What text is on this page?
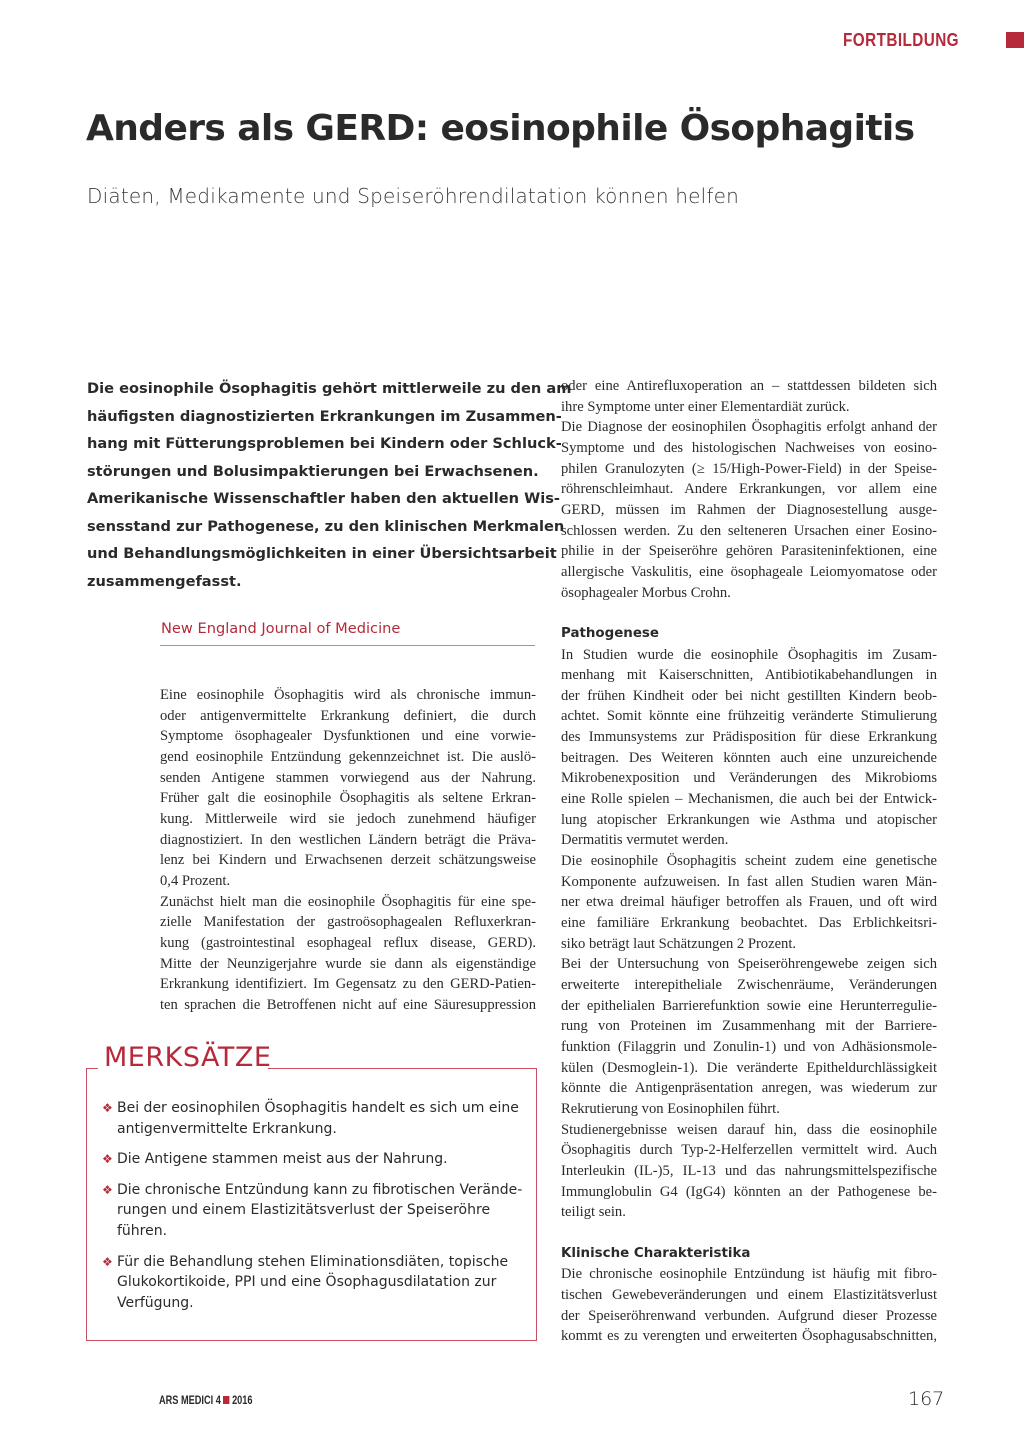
FORTBILDUNG
Anders als GERD: eosinophile Ösophagitis
Diäten, Medikamente und Speiseröhrendilatation können helfen
Die eosinophile Ösophagitis gehört mittlerweile zu den am
häufigsten diagnostizierten Erkrankungen im Zusammen-
hang mit Fütterungsproblemen bei Kindern oder Schluck-
störungen und Bolusimpaktierungen bei Erwachsenen.
Amerikanische Wissenschaftler haben den aktuellen Wis-
sensstand zur Pathogenese, zu den klinischen Merkmalen
und Behandlungsmöglichkeiten in einer Übersichtsarbeit
zusammengefasst.
New England Journal of Medicine
Eine eosinophile Ösophagitis wird als chronische immun-
oder antigenvermittelte Erkrankung definiert, die durch
Symptome ösophagealer Dysfunktionen und eine vorwie-
gend eosinophile Entzündung gekennzeichnet ist. Die auslö-
senden Antigene stammen vorwiegend aus der Nahrung.
Früher galt die eosinophile Ösophagitis als seltene Erkran-
kung. Mittlerweile wird sie jedoch zunehmend häufiger
diagnostiziert. In den westlichen Ländern beträgt die Präva-
lenz bei Kindern und Erwachsenen derzeit schätzungsweise
0,4 Prozent.
Zunächst hielt man die eosinophile Ösophagitis für eine spe-
zielle Manifestation der gastroösophagealen Refluxerkran-
kung (gastrointestinal esophageal reflux disease, GERD).
Mitte der Neunzigerjahre wurde sie dann als eigenständige
Erkrankung identifiziert. Im Gegensatz zu den GERD-Patien-
ten sprachen die Betroffenen nicht auf eine Säuresuppression
oder eine Antirefluxoperation an – stattdessen bildeten sich
ihre Symptome unter einer Elementardiät zurück.
Die Diagnose der eosinophilen Ösophagitis erfolgt anhand der
Symptome und des histologischen Nachweises von eosino-
philen Granulozyten (≥ 15/High-Power-Field) in der Speise-
röhrenschleimhaut. Andere Erkrankungen, vor allem eine
GERD, müssen im Rahmen der Diagnosestellung ausge-
schlossen werden. Zu den selteneren Ursachen einer Eosino-
philie in der Speiseröhre gehören Parasiteninfektionen, eine
allergische Vaskulitis, eine ösophageale Leiomyomatose oder
ösophagealer Morbus Crohn.
Pathogenese
In Studien wurde die eosinophile Ösophagitis im Zusam-
menhang mit Kaiserschnitten, Antibiotikabehandlungen in
der frühen Kindheit oder bei nicht gestillten Kindern beob-
achtet. Somit könnte eine frühzeitig veränderte Stimulierung
des Immunsystems zur Prädisposition für diese Erkrankung
beitragen. Des Weiteren könnten auch eine unzureichende
Mikrobenexposition und Veränderungen des Mikrobioms
eine Rolle spielen – Mechanismen, die auch bei der Entwick-
lung atopischer Erkrankungen wie Asthma und atopischer
Dermatitis vermutet werden.
Die eosinophile Ösophagitis scheint zudem eine genetische
Komponente aufzuweisen. In fast allen Studien waren Män-
ner etwa dreimal häufiger betroffen als Frauen, und oft wird
eine familiäre Erkrankung beobachtet. Das Erblichkeitsri-
siko beträgt laut Schätzungen 2 Prozent.
Bei der Untersuchung von Speiseröhrengewebe zeigen sich
erweiterte interepitheliale Zwischenräume, Veränderungen
der epithelialen Barrierefunktion sowie eine Herunterregulie-
rung von Proteinen im Zusammenhang mit der Barriere-
funktion (Filaggrin und Zonulin-1) und von Adhäsionsmole-
külen (Desmoglein-1). Die veränderte Epitheldurchlässigkeit
könnte die Antigenpräsentation anregen, was wiederum zur
Rekrutierung von Eosinophilen führt.
Studienergebnisse weisen darauf hin, dass die eosinophile
Ösophagitis durch Typ-2-Helferzellen vermittelt wird. Auch
Interleukin (IL-)5, IL-13 und das nahrungsmittelspezifische
Immunglobulin G4 (IgG4) könnten an der Pathogenese be-
teiligt sein.
Klinische Charakteristika
Die chronische eosinophile Entzündung ist häufig mit fibro-
tischen Gewebeveränderungen und einem Elastizitätsverlust
der Speiseröhrenwand verbunden. Aufgrund dieser Prozesse
kommt es zu verengten und erweiterten Ösophagusabschnitten,
MERKSÄTZE
❖ Bei der eosinophilen Ösophagitis handelt es sich um eine
antigenvermittelte Erkrankung.
❖ Die Antigene stammen meist aus der Nahrung.
❖ Die chronische Entzündung kann zu fibrotischen Verände-
rungen und einem Elastizitätsverlust der Speiseröhre
führen.
❖ Für die Behandlung stehen Eliminationsdiäten, topische
Glukokortikoide, PPI und eine Ösophagusdilatation zur
Verfügung.
ARS MEDICI 4 2016	167
